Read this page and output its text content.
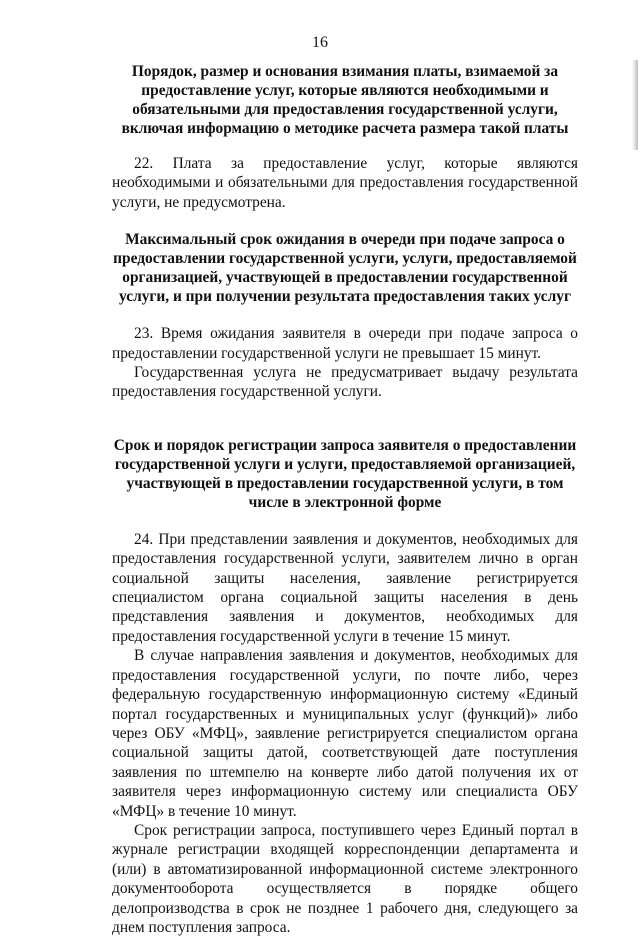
16

Порядок, размер и основания взимания платы, взимаемой за предоставление услуг, которые являются необходимыми и обязательными для предоставления государственной услуги, включая информацию о методике расчета размера такой платы

22. Плата за предоставление услуг, которые являются необходимыми и обязательными для предоставления государственной услуги, не предусмотрена.

Максимальный срок ожидания в очереди при подаче запроса о предоставлении государственной услуги, услуги, предоставляемой организацией, участвующей в предоставлении государственной услуги, и при получении результата предоставления таких услуг

23. Время ожидания заявителя в очереди при подаче запроса о предоставлении государственной услуги не превышает 15 минут.

Государственная услуга не предусматривает выдачу результата предоставления государственной услуги.

Срок и порядок регистрации запроса заявителя о предоставлении государственной услуги и услуги, предоставляемой организацией, участвующей в предоставлении государственной услуги, в том числе в электронной форме

24. При представлении заявления и документов, необходимых для предоставления государственной услуги, заявителем лично в орган социальной защиты населения, заявление регистрируется специалистом органа социальной защиты населения в день представления заявления и документов, необходимых для предоставления государственной услуги в течение 15 минут.

В случае направления заявления и документов, необходимых для предоставления государственной услуги, по почте либо, через федеральную государственную информационную систему «Единый портал государственных и муниципальных услуг (функций)» либо через ОБУ «МФЦ», заявление регистрируется специалистом органа социальной защиты датой, соответствующей дате поступления заявления по штемпелю на конверте либо датой получения их от заявителя через информационную систему или специалиста ОБУ «МФЦ» в течение 10 минут.

Срок регистрации запроса, поступившего через Единый портал в журнале регистрации входящей корреспонденции департамента и (или) в автоматизированной информационной системе электронного документооборота осуществляется в порядке общего делопроизводства в срок не позднее 1 рабочего дня, следующего за днем поступления запроса.
